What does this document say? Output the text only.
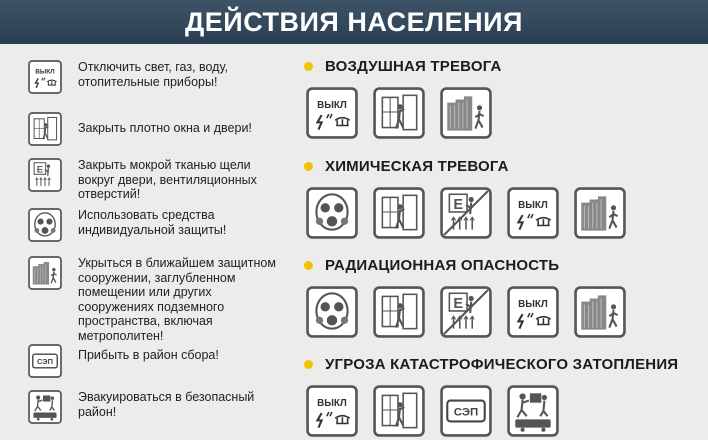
ДЕЙСТВИЯ НАСЕЛЕНИЯ
ВЫКЛ Отключить свет, газ, воду, отопительные приборы!
Закрыть плотно окна и двери!
E	Закрыть мокрой тканью щели вокруг двери, вентиляционных отверстий!
Использовать средства индивидуальной защиты!
Укрыться в ближайшем защитном сооружении, заглубленном помещении или других сооружениях подземного пространства, включая метрополитен!
СЭП Прибыть в район сбора!
Эвакуироваться в безопасный район!
ВОЗДУШНАЯ ТРЕВОГА
ВЫКЛ
ХИМИЧЕСКАЯ ТРЕВОГА
E	ВЫКЛ
РАДИАЦИОННАЯ ОПАСНОСТЬ
E	ВЫКЛ
УГРОЗА КАТАСТРОФИЧЕСКОГО ЗАТОПЛЕНИЯ
ВЫКЛ
СЭП
